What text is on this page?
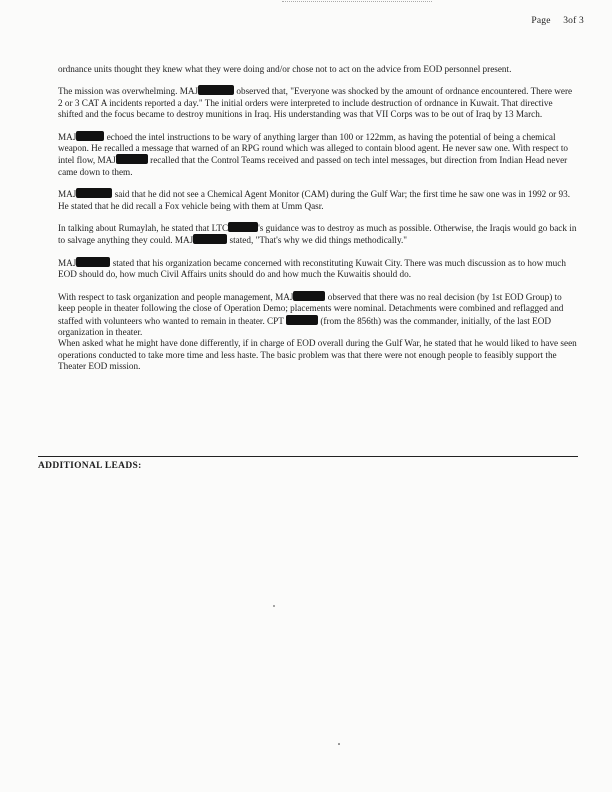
Page 3of 3

ordnance units thought they knew what they were doing and/or chose not to act on the advice from EOD personnel present.

The mission was overwhelming. MAJ	observed that, "Everyone was shocked by the amount of ordnance encountered. There were 2 or 3 CAT A incidents reported a day." The initial orders were interpreted to include destruction of ordnance in Kuwait. That directive shifted and the focus became to destroy munitions in Iraq. His understanding was that VII Corps was to be out of Iraq by 13 March.

MAJ	echoed the intel instructions to be wary of anything larger than 100 or 122mm, as having the potential of being a chemical weapon. He recalled a message that warned of an RPG round which was alleged to contain blood agent. He never saw one. With respect to intel flow, MAJ	recalled that the Control Teams received and passed on tech intel messages, but direction from Indian Head never came down to them.

MAJ	said that he did not see a Chemical Agent Monitor (CAM) during the Gulf War; the first time he saw one was in 1992 or 93. He stated that he did recall a Fox vehicle being with them at Umm Qasr.

In talking about Rumaylah, he stated that LTC	's guidance was to destroy as much as possible. Otherwise, the Iraqis would go back in to salvage anything they could. MAJ	stated, "That's why we did things methodically."

MAJ	stated that his organization became concerned with reconstituting Kuwait City. There was much discussion as to how much EOD should do, how much Civil Affairs units should do and how much the Kuwaitis should do.

With respect to task organization and people management, MAJ	observed that there was no real decision (by 1st EOD Group) to keep people in theater following the close of Operation Demo; placements were nominal. Detachments were combined and reflagged and staffed with volunteers who wanted to remain in theater. CPT	(from the 856th) was the commander, initially, of the last EOD organization in theater.

When asked what he might have done differently, if in charge of EOD overall during the Gulf War, he stated that he would liked to have seen operations conducted to take more time and less haste. The basic problem was that there were not enough people to feasibly support the Theater EOD mission.

ADDITIONAL LEADS:
